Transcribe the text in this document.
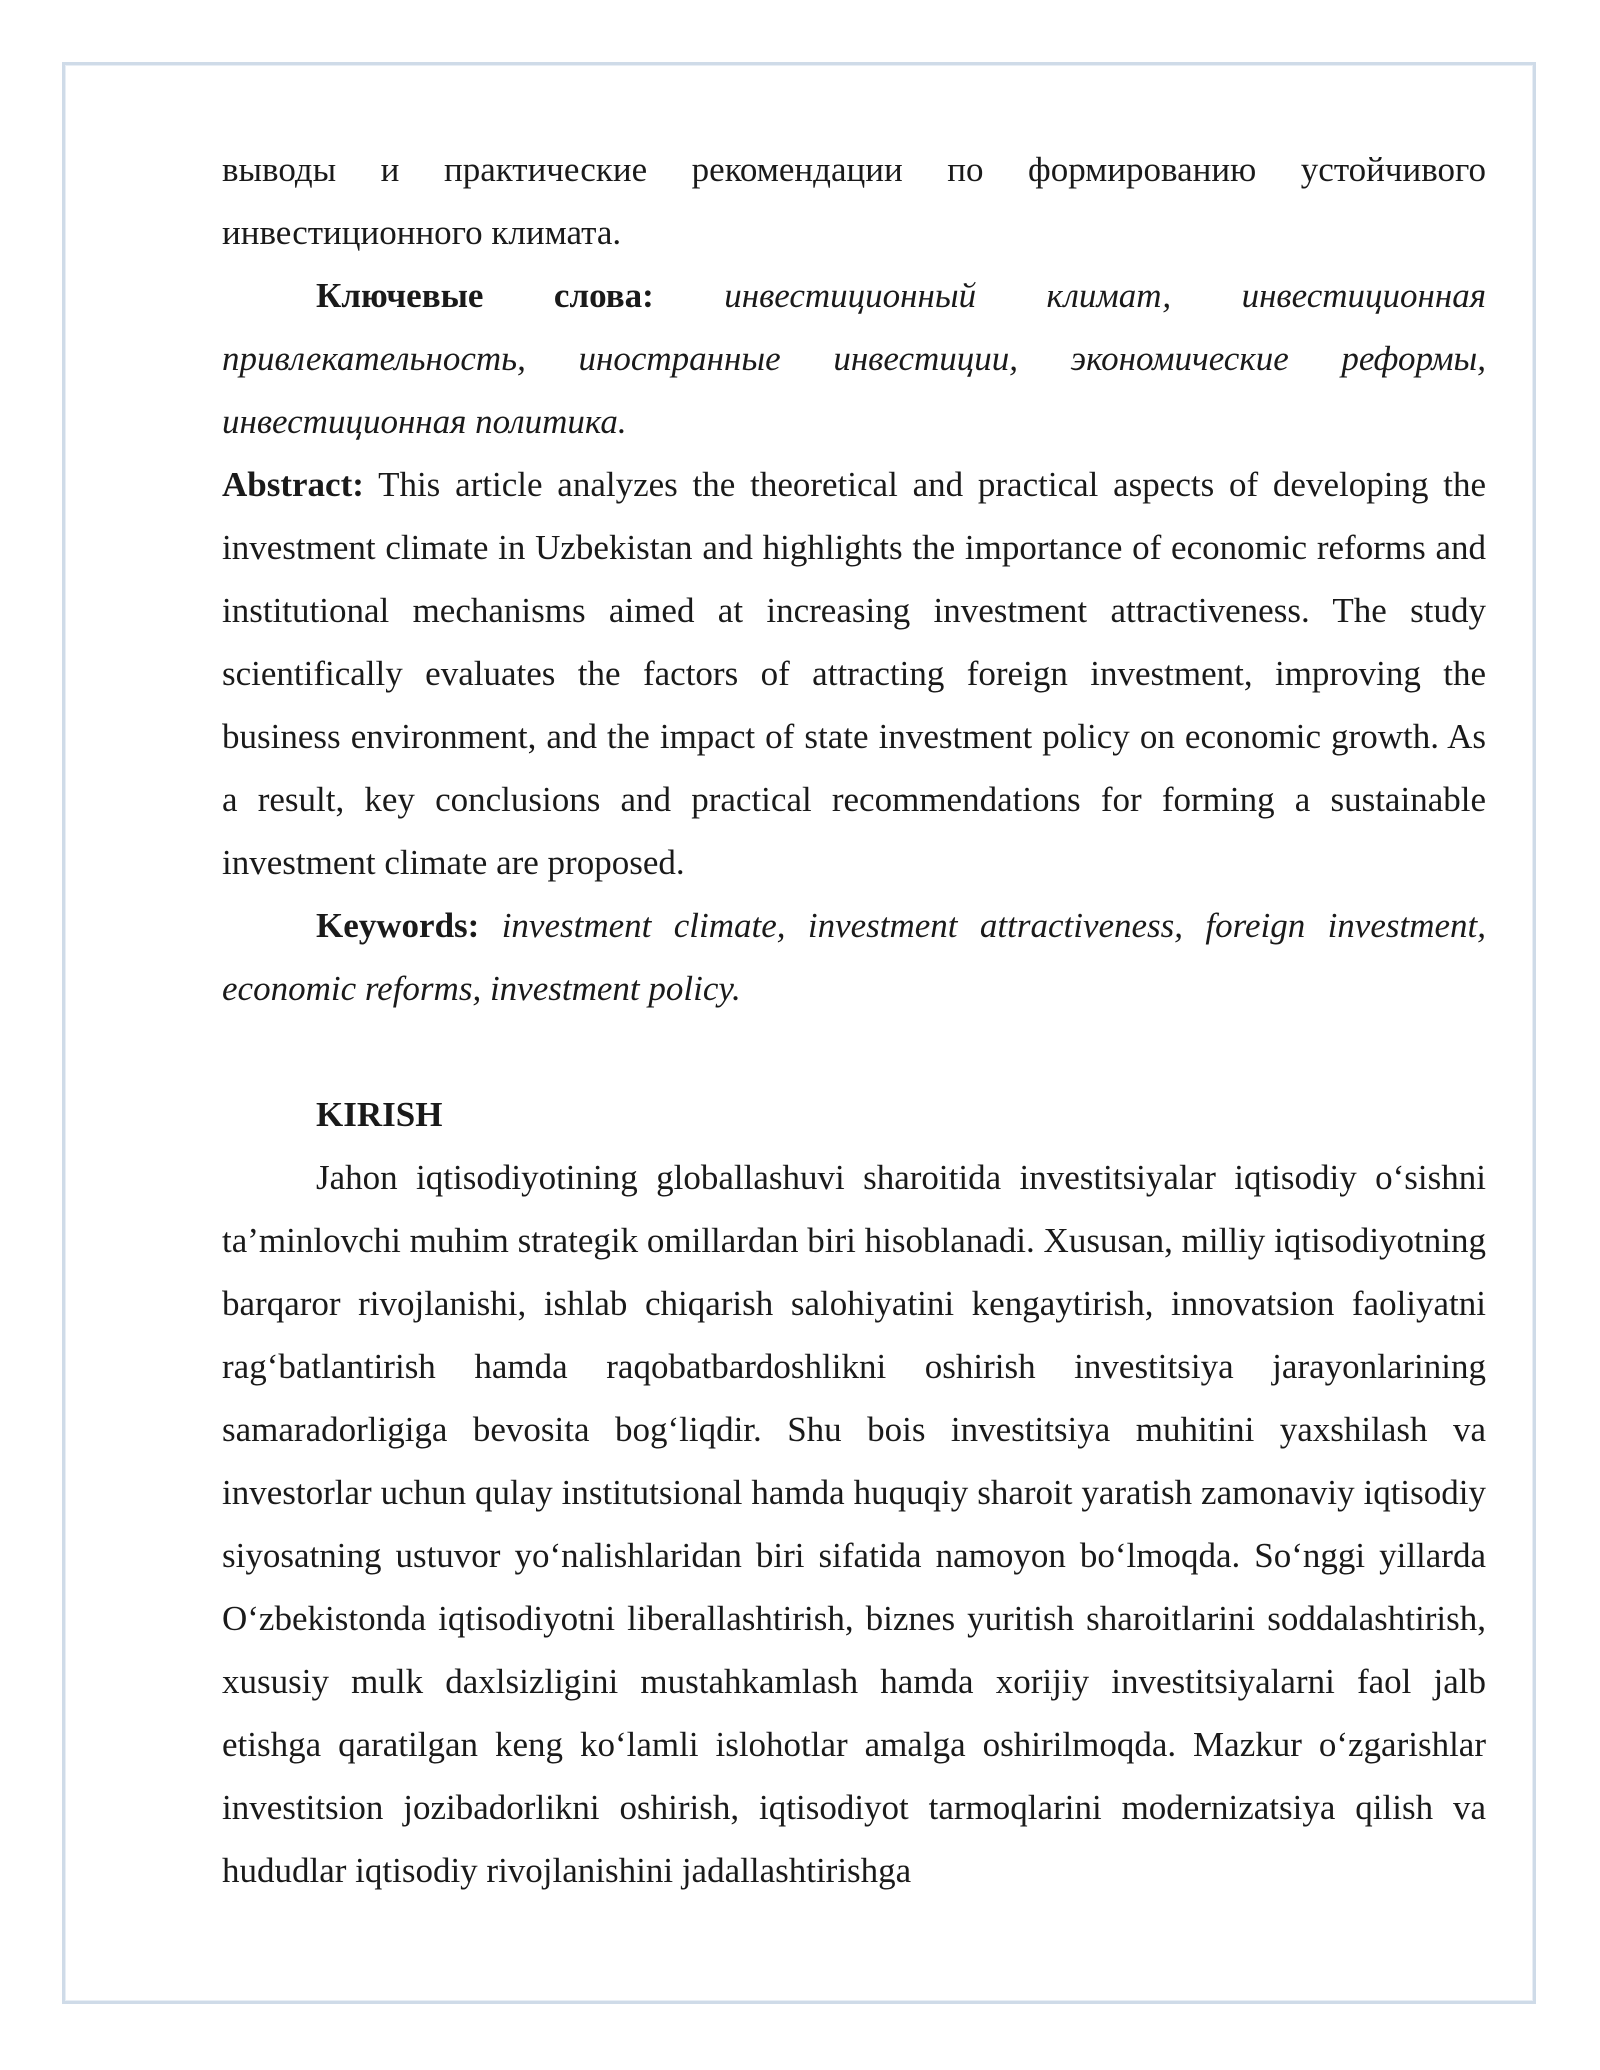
выводы и практические рекомендации по формированию устойчивого инвестиционного климата.

Ключевые слова: инвестиционный климат, инвестиционная привлекательность, иностранные инвестиции, экономические реформы, инвестиционная политика.

Abstract: This article analyzes the theoretical and practical aspects of developing the investment climate in Uzbekistan and highlights the importance of economic reforms and institutional mechanisms aimed at increasing investment attractiveness. The study scientifically evaluates the factors of attracting foreign investment, improving the business environment, and the impact of state investment policy on economic growth. As a result, key conclusions and practical recommendations for forming a sustainable investment climate are proposed.

Keywords: investment climate, investment attractiveness, foreign investment, economic reforms, investment policy.

KIRISH

Jahon iqtisodiyotining globallashuvi sharoitida investitsiyalar iqtisodiy o‘sishni ta’minlovchi muhim strategik omillardan biri hisoblanadi. Xususan, milliy iqtisodiyotning barqaror rivojlanishi, ishlab chiqarish salohiyatini kengaytirish, innovatsion faoliyatni rag‘batlantirish hamda raqobatbardoshlikni oshirish investitsiya jarayonlarining samaradorligiga bevosita bog‘liqdir. Shu bois investitsiya muhitini yaxshilash va investorlar uchun qulay institutsional hamda huquqiy sharoit yaratish zamonaviy iqtisodiy siyosatning ustuvor yo‘nalishlaridan biri sifatida namoyon bo‘lmoqda. So‘nggi yillarda O‘zbekistonda iqtisodiyotni liberallashtirish, biznes yuritish sharoitlarini soddalashtirish, xususiy mulk daxlsizligini mustahkamlash hamda xorijiy investitsiyalarni faol jalb etishga qaratilgan keng ko‘lamli islohotlar amalga oshirilmoqda. Mazkur o‘zgarishlar investitsion jozibadorlikni oshirish, iqtisodiyot tarmoqlarini modernizatsiya qilish va hududlar iqtisodiy rivojlanishini jadallashtirishga
